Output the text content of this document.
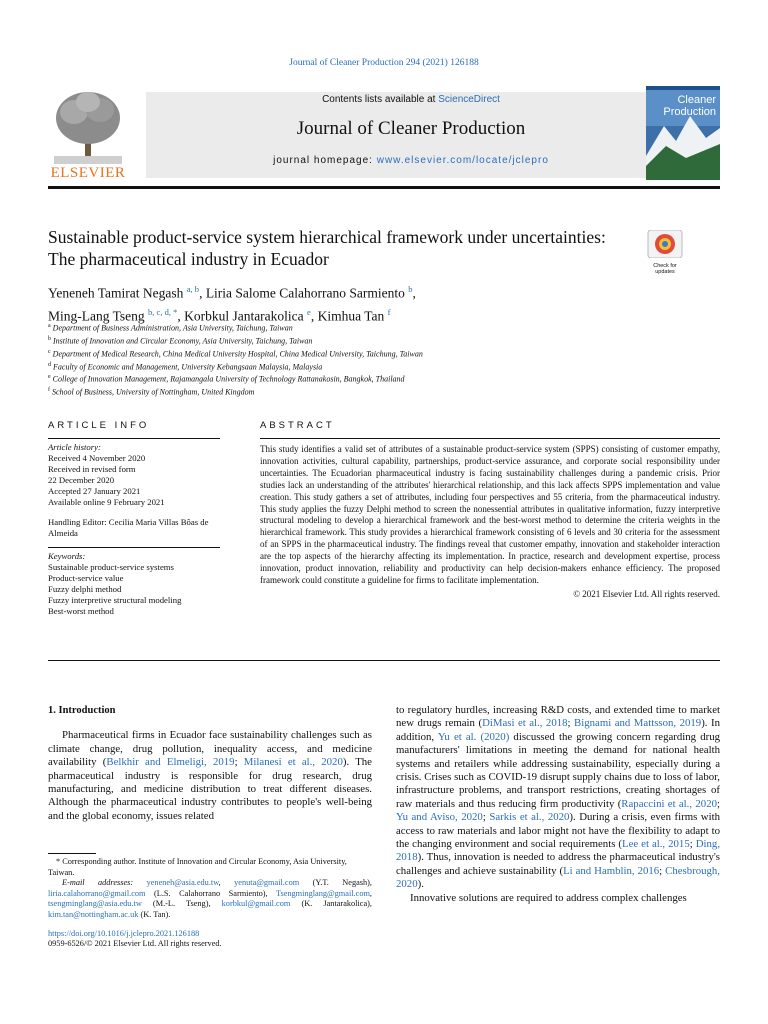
Journal of Cleaner Production 294 (2021) 126188
ELSEVIER
Contents lists available at ScienceDirect
Journal of Cleaner Production
journal homepage: www.elsevier.com/locate/jclepro
Cleaner
Production
Sustainable product-service system hierarchical framework under uncertainties: The pharmaceutical industry in Ecuador	Check for updates
Yeneneh Tamirat Negash $^{a, b}$, Liria Salome Calahorrano Sarmiento $^b$,
Ming-Lang Tseng $^{b, c, d, *}$, Korbkul Jantarakolica $^e$, Kimhua Tan $^f$
$^a$ Department of Business Administration, Asia University, Taichung, Taiwan
$^b$ Institute of Innovation and Circular Economy, Asia University, Taichung, Taiwan
$^c$ Department of Medical Research, China Medical University Hospital, China Medical University, Taichung, Taiwan
$^d$ Faculty of Economic and Management, University Kebangsaan Malaysia, Malaysia
$^e$ College of Innovation Management, Rajamangala University of Technology Rattanakosin, Bangkok, Thailand
$^f$ School of Business, University of Nottingham, United Kingdom
ARTICLE INFO	ABSTRACT
Article history:
Received 4 November 2020
Received in revised form
22 December 2020
Accepted 27 January 2021
Available online 9 February 2021
Handling Editor: Cecilia Maria Villas Bôas de Almeida
Keywords:
Sustainable product-service systems
Product-service value
Fuzzy delphi method
Fuzzy interpretive structural modeling
Best-worst method
This study identifies a valid set of attributes of a sustainable product-service system (SPPS) consisting of customer empathy, innovation activities, cultural capability, partnerships, product-service assurance, and corporate social responsibility under uncertainties. The Ecuadorian pharmaceutical industry is facing sustainability challenges during a pandemic crisis. Prior studies lack an understanding of the attributes' hierarchical relationship, and this lack affects SPPS implementation and value creation. This study gathers a set of attributes, including four perspectives and 55 criteria, from the pharmaceutical industry. This study applies the fuzzy Delphi method to screen the nonessential attributes in qualitative information, fuzzy interpretive structural modeling to develop a hierarchical framework and the best-worst method to determine the criteria weights in the hierarchical framework. This study provides a hierarchical framework consisting of 6 levels and 30 criteria for the assessment of an SPPS in the pharmaceutical industry. The findings reveal that customer empathy, innovation and stakeholder interaction are the top aspects of the hierarchy affecting its implementation. In practice, research and development expertise, process innovation, product innovation, reliability and productivity can help decision-makers enhance efficiency. The proposed framework could constitute a guideline for firms to facilitate implementation.
© 2021 Elsevier Ltd. All rights reserved.
1. Introduction

Pharmaceutical firms in Ecuador face sustainability challenges such as climate change, drug pollution, inequality access, and medicine availability (Belkhir and Elmeligi, 2019; Milanesi et al., 2020). The pharmaceutical industry is responsible for drug research, drug manufacturing, and medicine distribution to treat different diseases. Although the pharmaceutical industry contributes to people's well-being and the global economy, issues related

to regulatory hurdles, increasing R&D costs, and extended time to market new drugs remain (DiMasi et al., 2018; Bignami and Mattsson, 2019). In addition, Yu et al. (2020) discussed the growing concern regarding drug manufacturers' limitations in meeting the demand for national health systems and retailers while addressing sustainability, especially during a crisis. Crises such as COVID-19 disrupt supply chains due to loss of labor, infrastructure problems, and transport restrictions, creating shortages of raw materials and thus reducing firm productivity (Rapaccini et al., 2020; Yu and Aviso, 2020; Sarkis et al., 2020). During a crisis, even firms with access to raw materials and labor might not have the flexibility to adapt to the changing environment and social requirements (Lee et al., 2015; Ding, 2018). Thus, innovation is needed to address the pharmaceutical industry's challenges and achieve sustainability (Li and Hamblin, 2016; Chesbrough, 2020).

Innovative solutions are required to address complex challenges

* Corresponding author. Institute of Innovation and Circular Economy, Asia University, Taiwan.
E-mail addresses: yeneneh@asia.edu.tw, yenuta@gmail.com (Y.T. Negash), liria.calahorrano@gmail.com (L.S. Calahorrano Sarmiento), Tsengminglang@gmail.com, tsengminglang@asia.edu.tw (M.-L. Tseng), korbkul@gmail.com (K. Jantarakolica), kim.tan@nottingham.ac.uk (K. Tan).
https://doi.org/10.1016/j.jclepro.2021.126188
0959-6526/© 2021 Elsevier Ltd. All rights reserved.
